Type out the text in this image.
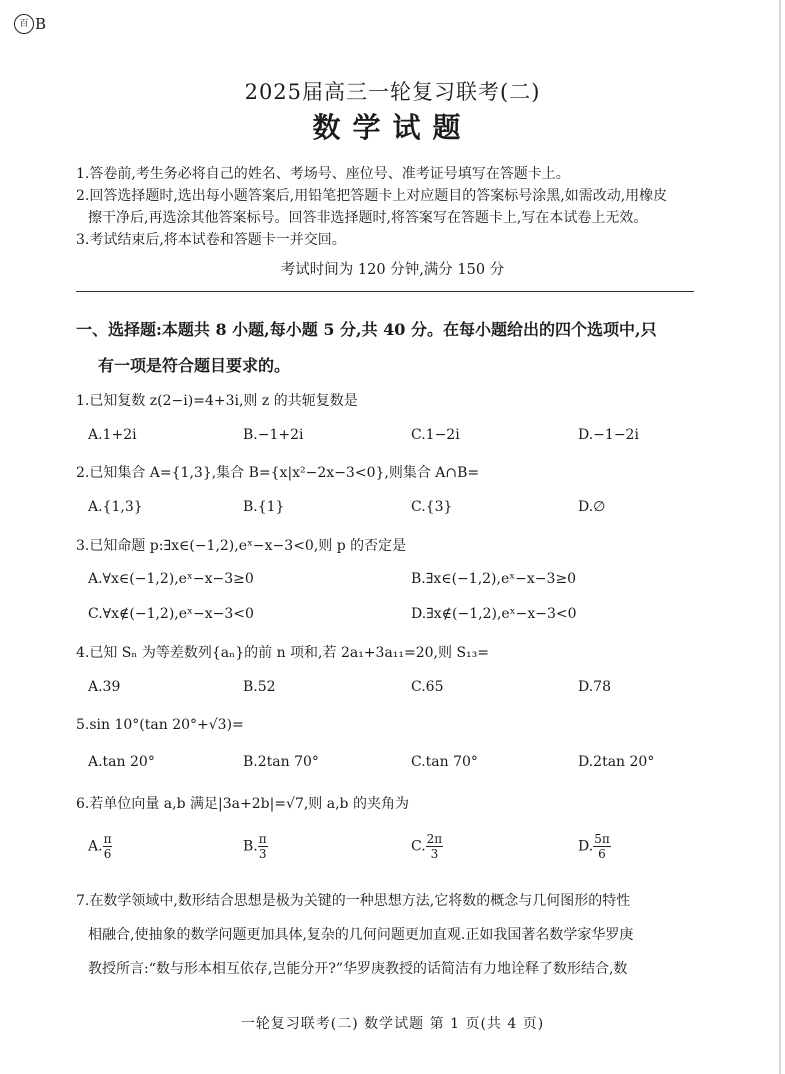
百 B
2025届高三一轮复习联考(二)
数学试题
1.答卷前,考生务必将自己的姓名、考场号、座位号、准考证号填写在答题卡上。
2.回答选择题时,选出每小题答案后,用铅笔把答题卡上对应题目的答案标号涂黑,如需改动,用橡皮
擦干净后,再选涂其他答案标号。回答非选择题时,将答案写在答题卡上,写在本试卷上无效。
3.考试结束后,将本试卷和答题卡一并交回。
考试时间为 120 分钟,满分 150 分
一、选择题:本题共 8 小题,每小题 5 分,共 40 分。在每小题给出的四个选项中,只
有一项是符合题目要求的。
1.已知复数 z(2−i)=4+3i,则 z 的共轭复数是
A.1+2i	B.−1+2i	C.1−2i	D.−1−2i
2.已知集合 A={1,3},集合 B={x|x²−2x−3<0},则集合 A∩B=
A.{1,3}	B.{1}	C.{3}	D.∅
3.已知命题 p:∃x∈(−1,2),eˣ−x−3<0,则 p 的否定是
A.∀x∈(−1,2),eˣ−x−3≥0	B.∃x∈(−1,2),eˣ−x−3≥0
C.∀x∉(−1,2),eˣ−x−3<0	D.∃x∉(−1,2),eˣ−x−3<0
4.已知 Sₙ 为等差数列{aₙ}的前 n 项和,若 2a₁+3a₁₁=20,则 S₁₃=
A.39	B.52	C.65	D.78
5.sin 10°(tan 20°+√3)=
A.tan 20°	B.2tan 70°	C.tan 70°	D.2tan 20°
6.若单位向量 a,b 满足|3a+2b|=√7,则 a,b 的夹角为
A. $\frac{\pi}{6}$	B. $\frac{\pi}{3}$	C. $\frac{2\pi}{3}$	D. $\frac{5\pi}{6}$
7.在数学领域中,数形结合思想是极为关键的一种思想方法,它将数的概念与几何图形的特性
相融合,使抽象的数学问题更加具体,复杂的几何问题更加直观.正如我国著名数学家华罗庚
教授所言:“数与形本相互依存,岂能分开?”华罗庚教授的话简洁有力地诠释了数形结合,数
一轮复习联考(二) 数学试题 第 1 页(共 4 页)
